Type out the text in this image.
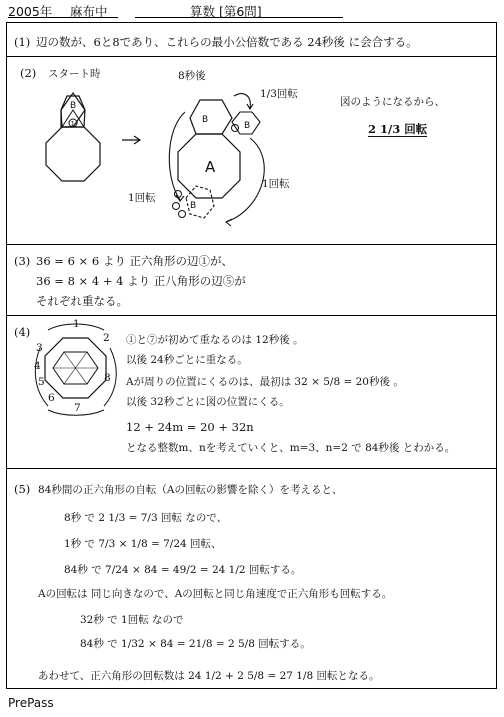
2005年 麻布中	算数 [第6問]
(1) 辺の数が、6と8であり、これらの最小公倍数である 24秒後 に会合する。
(2) スタート時	8秒後
1/3回転
1回転
1回転
図のようになるから、
2 1/3 回転
B
1
A
B
B
B
(3) 36 = 6 × 6 より 正六角形の辺①が、
36 = 8 × 4 + 4 より 正八角形の辺⑤が
それぞれ重なる。
(4)
1
2
3
4
5
6
7
8
①と⑦が初めて重なるのは 12秒後 。
以後 24秒ごとに重なる。
Aが周りの位置にくるのは、最初は 32 × 5/8 = 20秒後 。
以後 32秒ごとに図の位置にくる。
12 + 24m = 20 + 32n
となる整数m、nを考えていくと、m=3、n=2 で 84秒後 とわかる。
(5) 84秒間の正六角形の自転（Aの回転の影響を除く）を考えると、
8秒 で 2 1/3 = 7/3 回転 なので、
1秒 で 7/3 × 1/8 = 7/24 回転、
84秒 で 7/24 × 84 = 49/2 = 24 1/2 回転する。
Aの回転は 同じ向きなので、Aの回転と同じ角速度で正六角形も回転する。
32秒 で 1回転 なので
84秒 で 1/32 × 84 = 21/8 = 2 5/8 回転する。
あわせて、正六角形の回転数は 24 1/2 + 2 5/8 = 27 1/8 回転となる。
PrePass
